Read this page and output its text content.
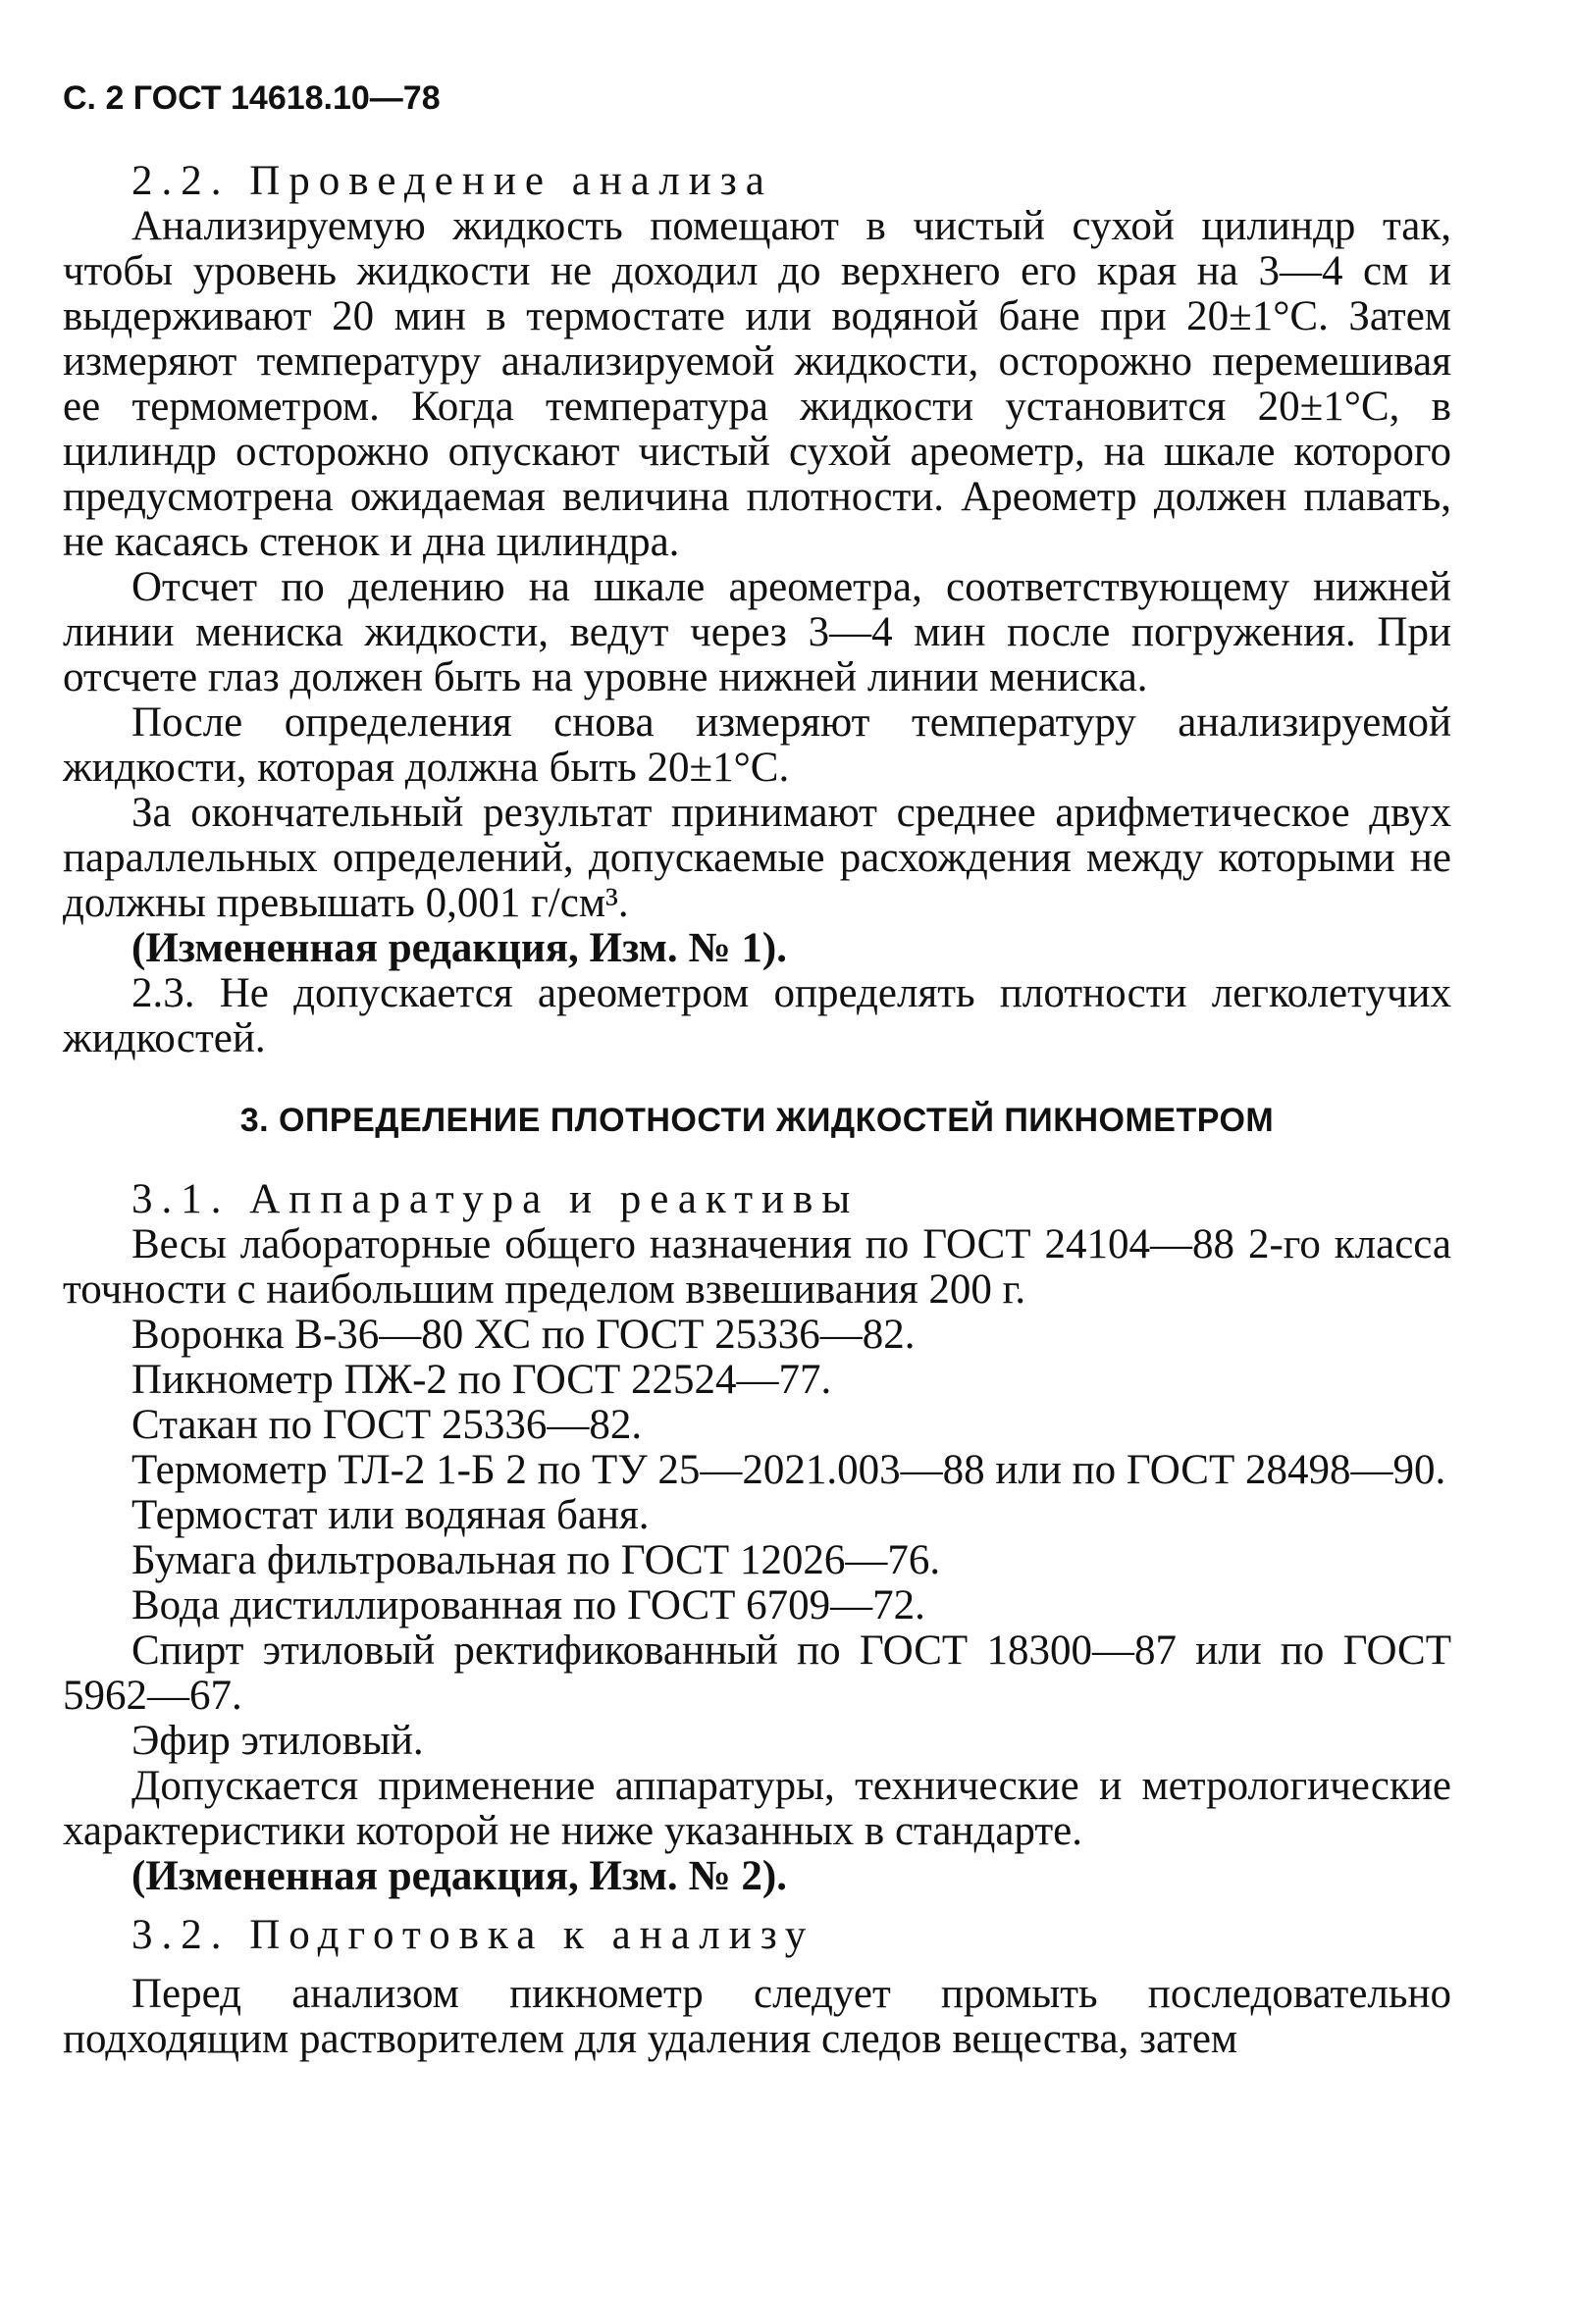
С. 2 ГОСТ 14618.10—78
2.2. Проведение анализа
Анализируемую жидкость помещают в чистый сухой цилиндр так, чтобы уровень жидкости не доходил до верхнего его края на 3—4 см и выдерживают 20 мин в термостате или водяной бане при 20±1°С. Затем измеряют температуру анализируемой жидкости, осторожно перемешивая ее термометром. Когда температура жидкости установится 20±1°С, в цилиндр осторожно опускают чистый сухой ареометр, на шкале которого предусмотрена ожидаемая величина плотности. Ареометр должен плавать, не касаясь стенок и дна цилиндра.
Отсчет по делению на шкале ареометра, соответствующему нижней линии мениска жидкости, ведут через 3—4 мин после погружения. При отсчете глаз должен быть на уровне нижней линии мениска.
После определения снова измеряют температуру анализируемой жидкости, которая должна быть 20±1°С.
За окончательный результат принимают среднее арифметическое двух параллельных определений, допускаемые расхождения между которыми не должны превышать 0,001 г/см³.
(Измененная редакция, Изм. № 1).
2.3. Не допускается ареометром определять плотности легколетучих жидкостей.
3. ОПРЕДЕЛЕНИЕ ПЛОТНОСТИ ЖИДКОСТЕЙ ПИКНОМЕТРОМ
3.1. Аппаратура и реактивы
Весы лабораторные общего назначения по ГОСТ 24104—88 2-го класса точности с наибольшим пределом взвешивания 200 г.
Воронка В-36—80 ХС по ГОСТ 25336—82.
Пикнометр ПЖ-2 по ГОСТ 22524—77.
Стакан по ГОСТ 25336—82.
Термометр ТЛ-2 1-Б 2 по ТУ 25—2021.003—88 или по ГОСТ 28498—90.
Термостат или водяная баня.
Бумага фильтровальная по ГОСТ 12026—76.
Вода дистиллированная по ГОСТ 6709—72.
Спирт этиловый ректификованный по ГОСТ 18300—87 или по ГОСТ 5962—67.
Эфир этиловый.
Допускается применение аппаратуры, технические и метрологические характеристики которой не ниже указанных в стандарте.
(Измененная редакция, Изм. № 2).
3.2. Подготовка к анализу
Перед анализом пикнометр следует промыть последовательно подходящим растворителем для удаления следов вещества, затем
